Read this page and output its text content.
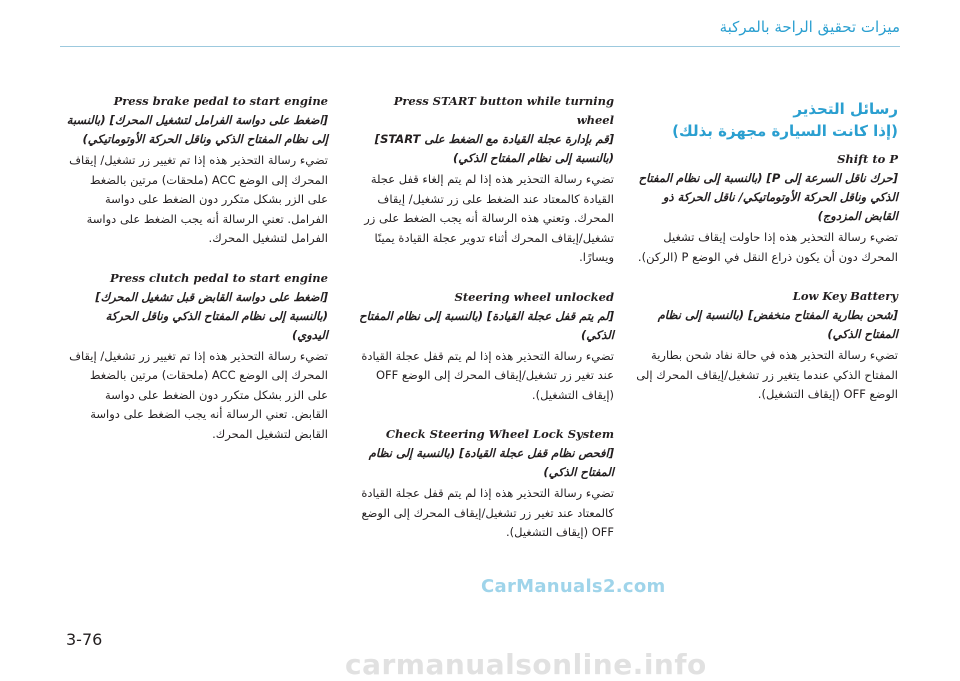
ميزات تحقيق الراحة بالمركبة
رسائل التحذير
(إذا كانت السيارة مجهزة بذلك)
Shift to P
[حرك ناقل السرعة إلى P] (بالنسبة إلى نظام المفتاح الذكي وناقل الحركة الأوتوماتيكي/ ناقل الحركة ذو القابض المزدوج)
تضيء رسالة التحذير هذه إذا حاولت إيقاف تشغيل المحرك دون أن يكون ذراع النقل في الوضع P (الركن).
Low Key Battery
[شحن بطارية المفتاح منخفض] (بالنسبة إلى نظام المفتاح الذكي)
تضيء رسالة التحذير هذه في حالة نفاد شحن بطارية المفتاح الذكي عندما يتغير زر تشغيل/إيقاف المحرك إلى الوضع OFF (إيقاف التشغيل).
Press START button while turning wheel
[قم بإدارة عجلة القيادة مع الضغط على START] (بالنسبة إلى نظام المفتاح الذكي)
تضيء رسالة التحذير هذه إذا لم يتم إلغاء قفل عجلة القيادة كالمعتاد عند الضغط على زر تشغيل/ إيقاف المحرك. وتعني هذه الرسالة أنه يجب الضغط على زر تشغيل/إيقاف المحرك أثناء تدوير عجلة القيادة يمينًا ويسارًا.
Steering wheel unlocked
[لم يتم قفل عجلة القيادة] (بالنسبة إلى نظام المفتاح الذكي)
تضيء رسالة التحذير هذه إذا لم يتم قفل عجلة القيادة عند تغير زر تشغيل/إيقاف المحرك إلى الوضع OFF (إيقاف التشغيل).
Check Steering Wheel Lock System
[افحص نظام قفل عجلة القيادة] (بالنسبة إلى نظام المفتاح الذكي)
تضيء رسالة التحذير هذه إذا لم يتم قفل عجلة القيادة كالمعتاد عند تغير زر تشغيل/إيقاف المحرك إلى الوضع OFF (إيقاف التشغيل).
Press brake pedal to start engine
[اضغط على دواسة الفرامل لتشغيل المحرك] (بالنسبة إلى نظام المفتاح الذكي وناقل الحركة الأوتوماتيكي)
تضيء رسالة التحذير هذه إذا تم تغيير زر تشغيل/ إيقاف المحرك إلى الوضع ACC (ملحقات) مرتين بالضغط على الزر بشكل متكرر دون الضغط على دواسة الفرامل. تعني الرسالة أنه يجب الضغط على دواسة الفرامل لتشغيل المحرك.
Press clutch pedal to start engine
[اضغط على دواسة القابض قبل تشغيل المحرك] (بالنسبة إلى نظام المفتاح الذكي وناقل الحركة اليدوي)
تضيء رسالة التحذير هذه إذا تم تغيير زر تشغيل/ إيقاف المحرك إلى الوضع ACC (ملحقات) مرتين بالضغط على الزر بشكل متكرر دون الضغط على دواسة القابض. تعني الرسالة أنه يجب الضغط على دواسة القابض لتشغيل المحرك.
CarManuals2.com
3-76
carmanualsonline.info
